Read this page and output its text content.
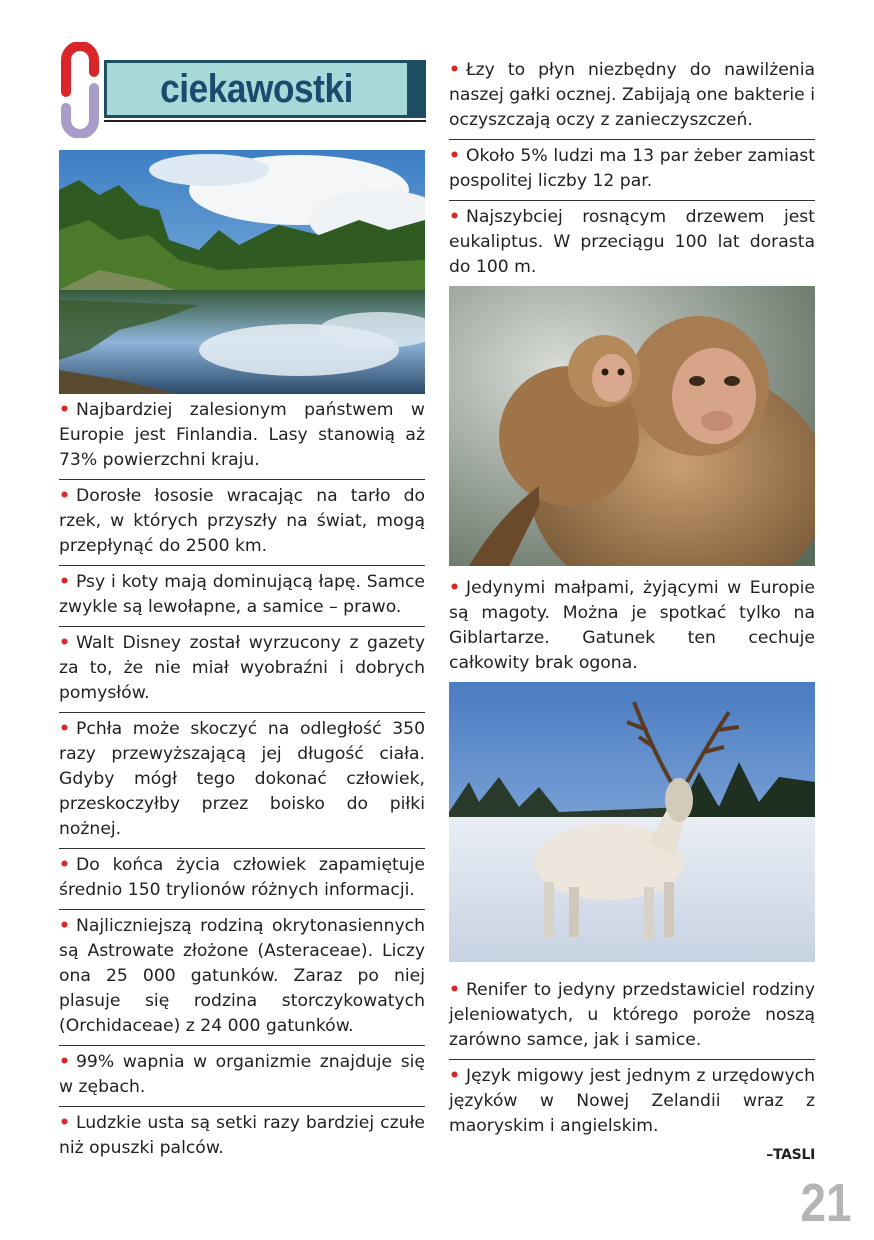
ciekawostki
• Najbardziej zalesionym państwem w Europie jest Finlandia. Lasy stanowią aż 73% powierzchni kraju.
• Dorosłe łososie wracając na tarło do rzek, w których przyszły na świat, mogą przepłynąć do 2500 km.
• Psy i koty mają dominującą łapę. Samce zwykle są lewołapne, a samice – prawo.
• Walt Disney został wyrzucony z gazety za to, że nie miał wyobraźni i dobrych pomysłów.
• Pchła może skoczyć na odległość 350 razy przewyższającą jej długość ciała. Gdyby mógł tego dokonać człowiek, przeskoczyłby przez boisko do piłki nożnej.
• Do końca życia człowiek zapamiętuje średnio 150 trylionów różnych informacji.
• Najliczniejszą rodziną okrytonasiennych są Astrowate złożone (Asteraceae). Liczy ona 25 000 gatunków. Zaraz po niej plasuje się rodzina storczykowatych (Orchidaceae) z 24 000 gatunków.
• 99% wapnia w organizmie znajduje się w zębach.
• Ludzkie usta są setki razy bardziej czułe niż opuszki palców.
• Łzy to płyn niezbędny do nawilżenia naszej gałki ocznej. Zabijają one bakterie i oczyszczają oczy z zanieczyszczeń.
• Około 5% ludzi ma 13 par żeber zamiast pospolitej liczby 12 par.
• Najszybciej rosnącym drzewem jest eukaliptus. W przeciągu 100 lat dorasta do 100 m.
• Jedynymi małpami, żyjącymi w Europie są magoty. Można je spotkać tylko na Giblartarze. Gatunek ten cechuje całkowity brak ogona.
• Renifer to jedyny przedstawiciel rodziny jeleniowatych, u którego poroże noszą zarówno samce, jak i samice.
• Język migowy jest jednym z urzędowych języków w Nowej Zelandii wraz z maoryskim i angielskim.
–TASLI
21
